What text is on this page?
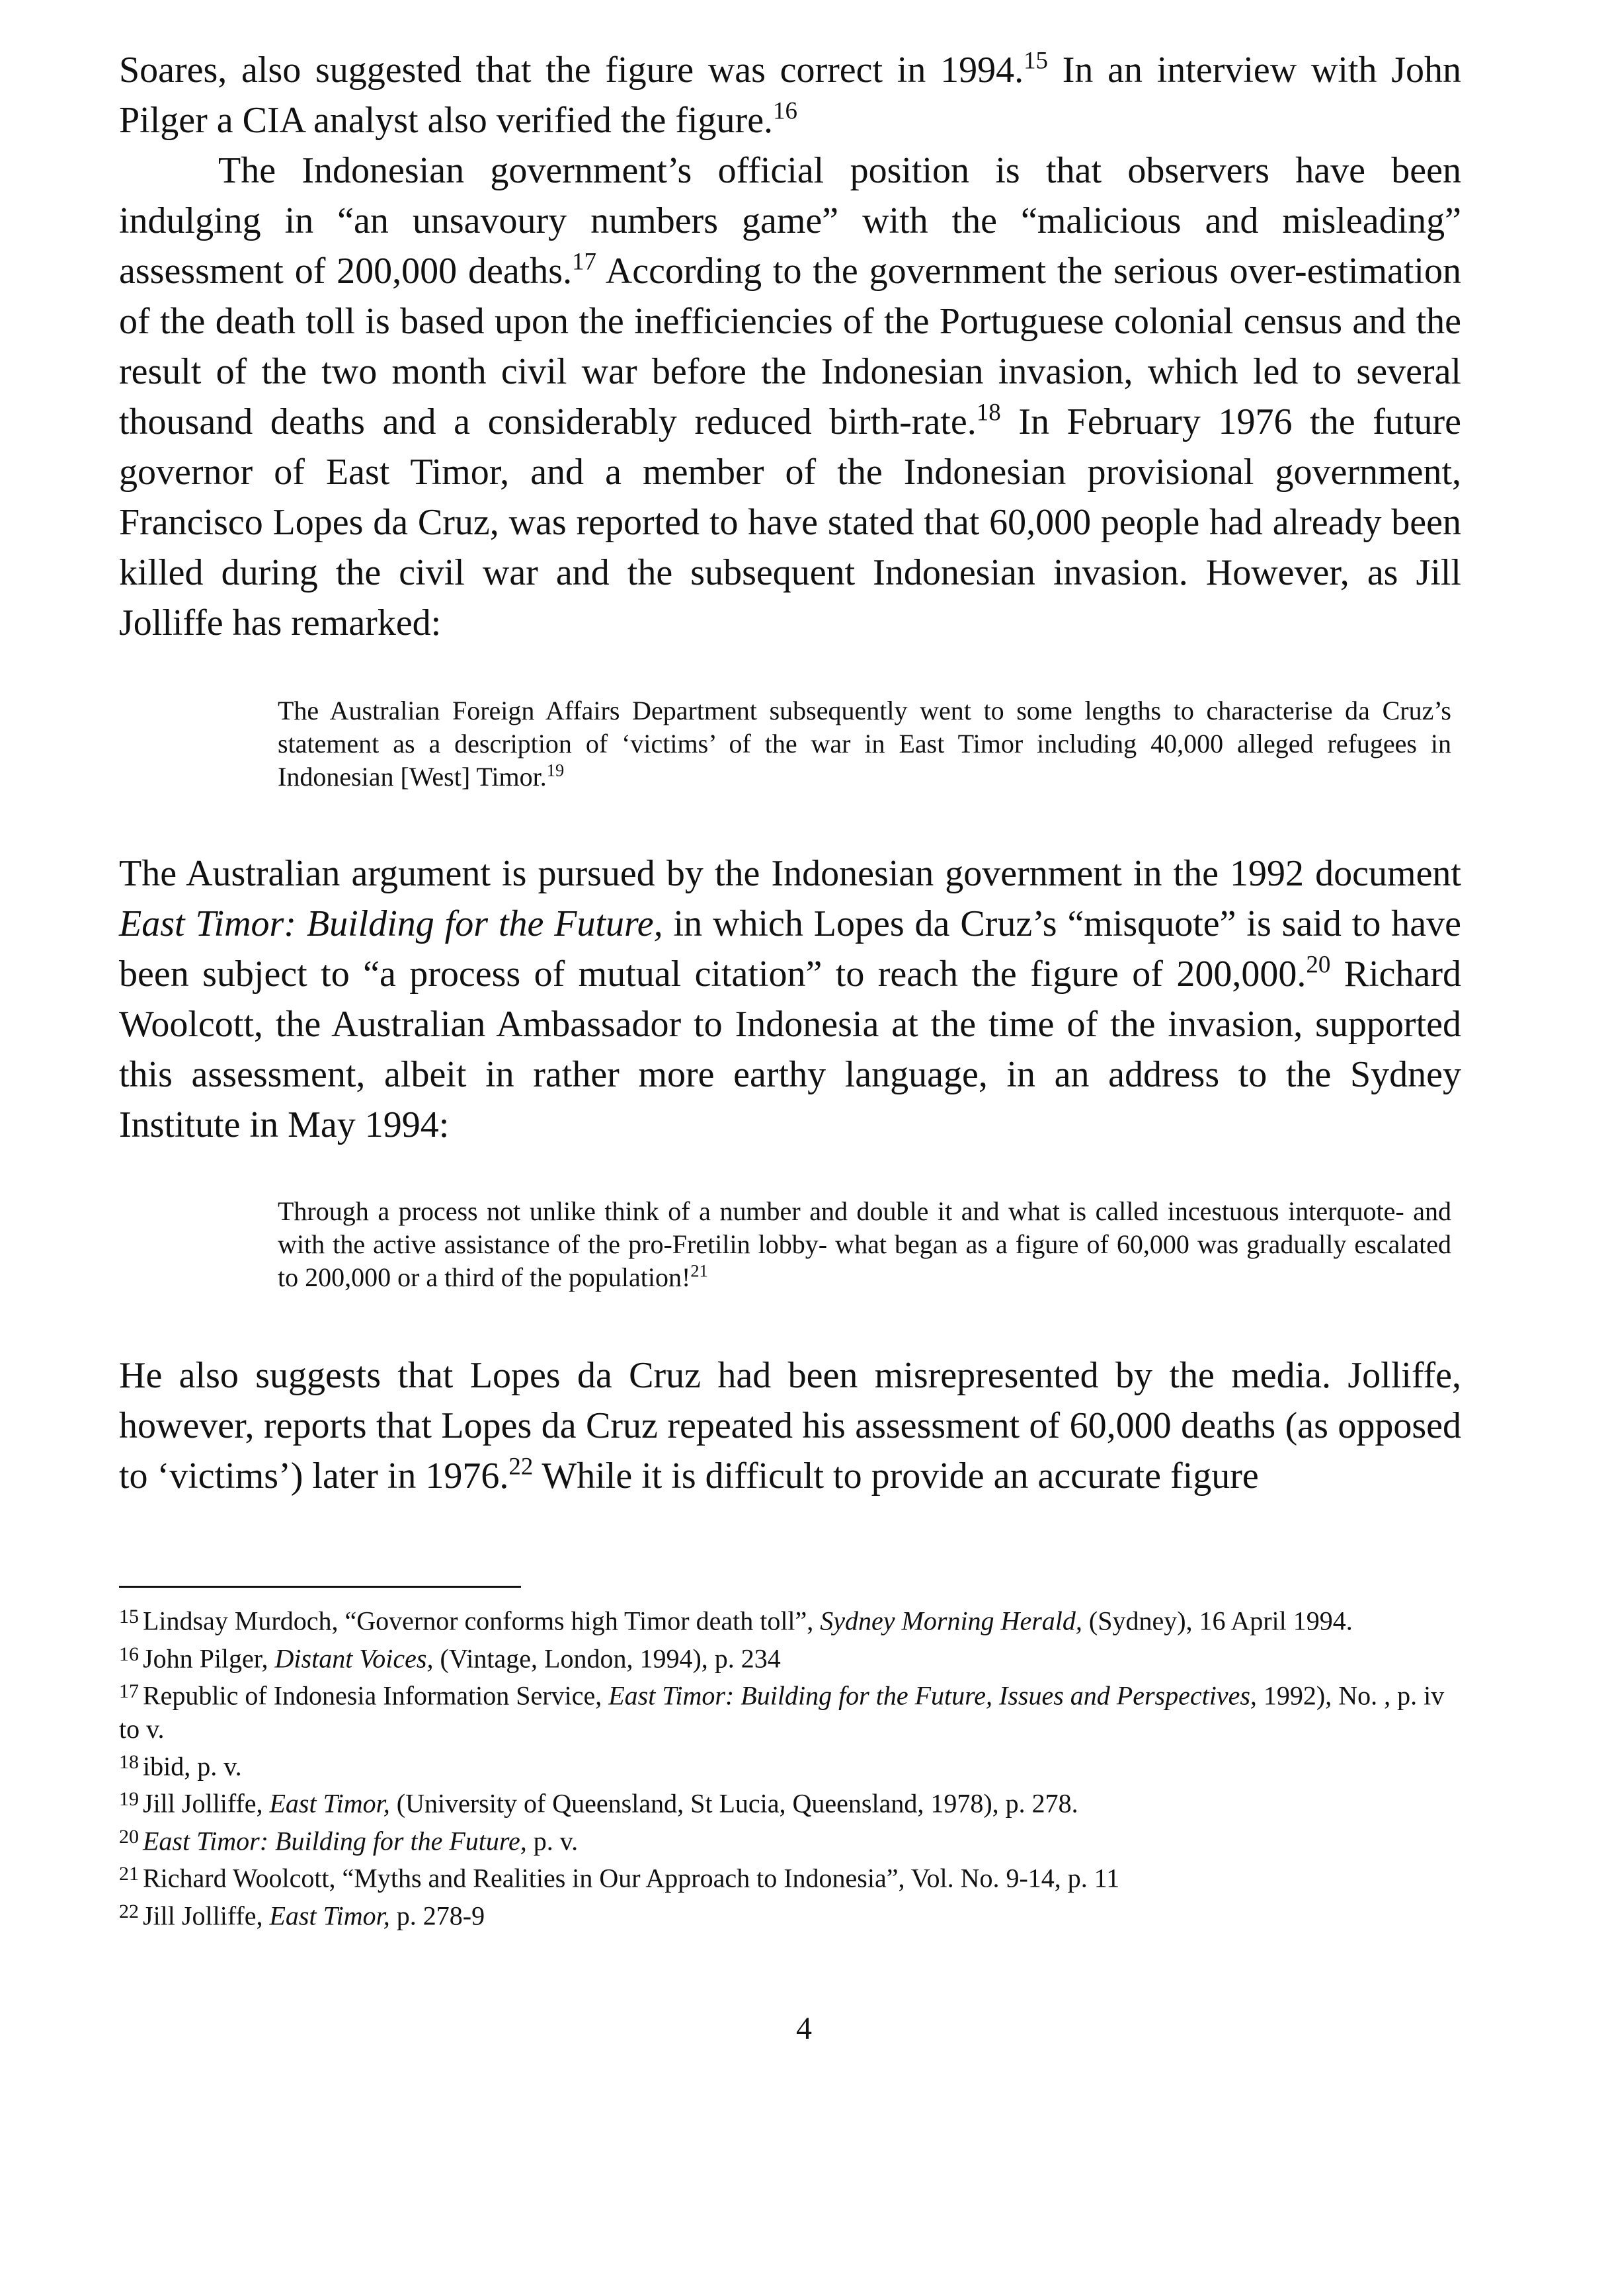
Soares, also suggested that the figure was correct in 1994.15 In an interview with John Pilger a CIA analyst also verified the figure.$^{16}$

The Indonesian government’s official position is that observers have been indulging in “an unsavoury numbers game” with the “malicious and misleading” assessment of 200,000 deaths.$^{17}$ According to the government the serious over-estimation of the death toll is based upon the inefficiencies of the Portuguese colonial census and the result of the two month civil war before the Indonesian invasion, which led to several thousand deaths and a considerably reduced birth-rate.$^{18}$ In February 1976 the future governor of East Timor, and a member of the Indonesian provisional government, Francisco Lopes da Cruz, was reported to have stated that 60,000 people had already been killed during the civil war and the subsequent Indonesian invasion. However, as Jill Jolliffe has remarked:

The Australian Foreign Affairs Department subsequently went to some lengths to characterise da Cruz’s statement as a description of ‘victims’ of the war in East Timor including 40,000 alleged refugees in Indonesian [West] Timor.$^{19}$

The Australian argument is pursued by the Indonesian government in the 1992 document East Timor: Building for the Future, in which Lopes da Cruz’s “misquote” is said to have been subject to “a process of mutual citation” to reach the figure of 200,000.20 Richard Woolcott, the Australian Ambassador to Indonesia at the time of the invasion, supported this assessment, albeit in rather more earthy language, in an address to the Sydney Institute in May 1994:

Through a process not unlike think of a number and double it and what is called incestuous interquote- and with the active assistance of the pro-Fretilin lobby- what began as a figure of 60,000 was gradually escalated to 200,000 or a third of the population!$^{21}$

He also suggests that Lopes da Cruz had been misrepresented by the media. Jolliffe, however, reports that Lopes da Cruz repeated his assessment of 60,000 deaths (as opposed to ‘victims’) later in 1976.22 While it is difficult to provide an accurate figure

$^{15}$ Lindsay Murdoch, “Governor conforms high Timor death toll”, Sydney Morning Herald, (Sydney), 16 April 1994.
$^{16}$ John Pilger, Distant Voices, (Vintage, London, 1994), p. 234
$^{17}$ Republic of Indonesia Information Service, East Timor: Building for the Future, Issues and Perspectives, 1992), No. , p. iv to v.
$^{18}$ ibid, p. v.
$^{19}$ Jill Jolliffe, East Timor, (University of Queensland, St Lucia, Queensland, 1978), p. 278.
$^{20}$ East Timor: Building for the Future, p. v.
$^{21}$ Richard Woolcott, “Myths and Realities in Our Approach to Indonesia”, Vol. No. 9-14, p. 11
$^{22}$ Jill Jolliffe, East Timor, p. 278-9
4
